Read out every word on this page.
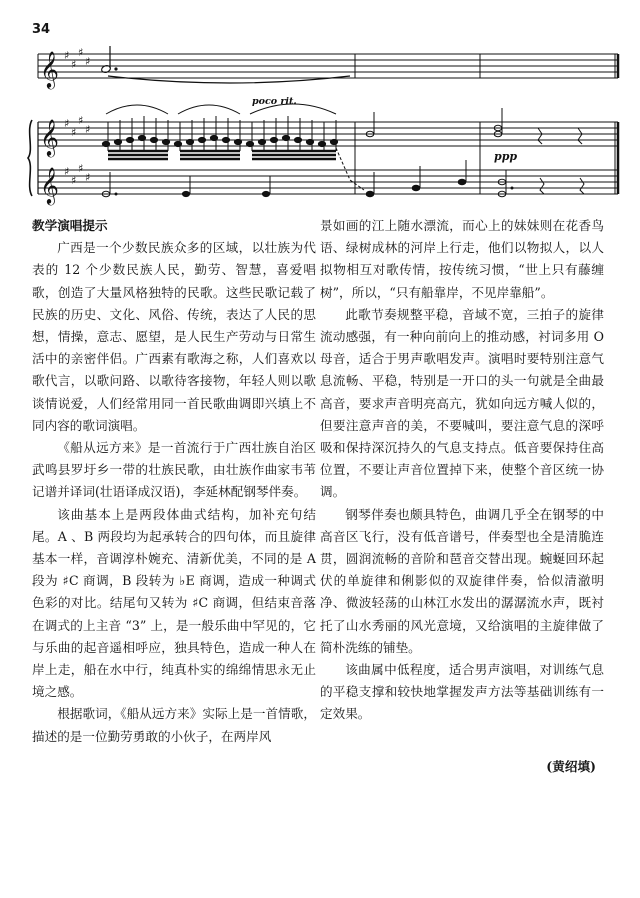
34
𝄞
𝄞
𝄞
♯
♯
♯
♯
♯
♯
♯
♯
♯
♯
♯
♯
poco rit.
ppp

教学演唱提示

广西是一个少数民族众多的区域，以壮族为代表的 12 个少数民族人民，勤劳、智慧，喜爱唱歌，创造了大量风格独特的民歌。这些民歌记载了民族的历史、文化、风俗、传统，表达了人民的思想，情操，意志、愿望，是人民生产劳动与日常生活中的亲密伴侣。广西素有歌海之称，人们喜欢以歌代言，以歌问路、以歌待客接物，年轻人则以歌谈情说爱，人们经常用同一首民歌曲调即兴填上不同内容的歌词演唱。

《船从远方来》是一首流行于广西壮族自治区武鸣县罗圩乡一带的壮族民歌，由壮族作曲家韦苇记谱并译词(壮语译成汉语)，李延林配钢琴伴奏。

该曲基本上是两段体曲式结构，加补充句结尾。A 、B 两段均为起承转合的四句体，而且旋律基本一样，音调淳朴婉充、清新优美，不同的是 A 段为 ♯C 商调，B 段转为 ♭E 商调，造成一种调式色彩的对比。结尾句又转为 ♯C 商调，但结束音落在调式的上主音 “3” 上，是一般乐曲中罕见的，它与乐曲的起音遥相呼应，独具特色，造成一种人在岸上走，船在水中行，纯真朴实的绵绵情思永无止境之感。

根据歌词，《船从远方来》实际上是一首情歌，描述的是一位勤劳勇敢的小伙子，在两岸风

景如画的江上随水漂流，而心上的妹妹则在花香鸟语、绿树成林的河岸上行走，他们以物拟人，以人拟物相互对歌传情，按传统习惯，“世上只有藤缠树”，所以，“只有船靠岸，不见岸靠船”。

此歌节奏规整平稳，音域不宽，三拍子的旋律流动感强，有一种向前向上的推动感，衬词多用 O 母音，适合于男声歌唱发声。演唱时要特别注意气息流畅、平稳，特别是一开口的头一句就是全曲最高音，要求声音明亮高亢，犹如向远方喊人似的，但要注意声音的美，不要喊叫，要注意气息的深呼吸和保持深沉持久的气息支持点。低音要保持住高位置，不要让声音位置掉下来，使整个音区统一协调。

钢琴伴奏也颇具特色，曲调几乎全在钢琴的中高音区飞行，没有低音谱号，伴奏型也全是清脆连贯，圆润流畅的音阶和琶音交替出现。蜿蜒回环起伏的单旋律和俐影似的双旋律伴奏，恰似清澈明净、微波轻荡的山林江水发出的潺潺流水声，既衬托了山水秀丽的风光意境，又给演唱的主旋律做了简朴洗练的铺垫。

该曲属中低程度，适合男声演唱，对训练气息的平稳支撑和较快地掌握发声方法等基础训练有一定效果。

(黄绍填)
